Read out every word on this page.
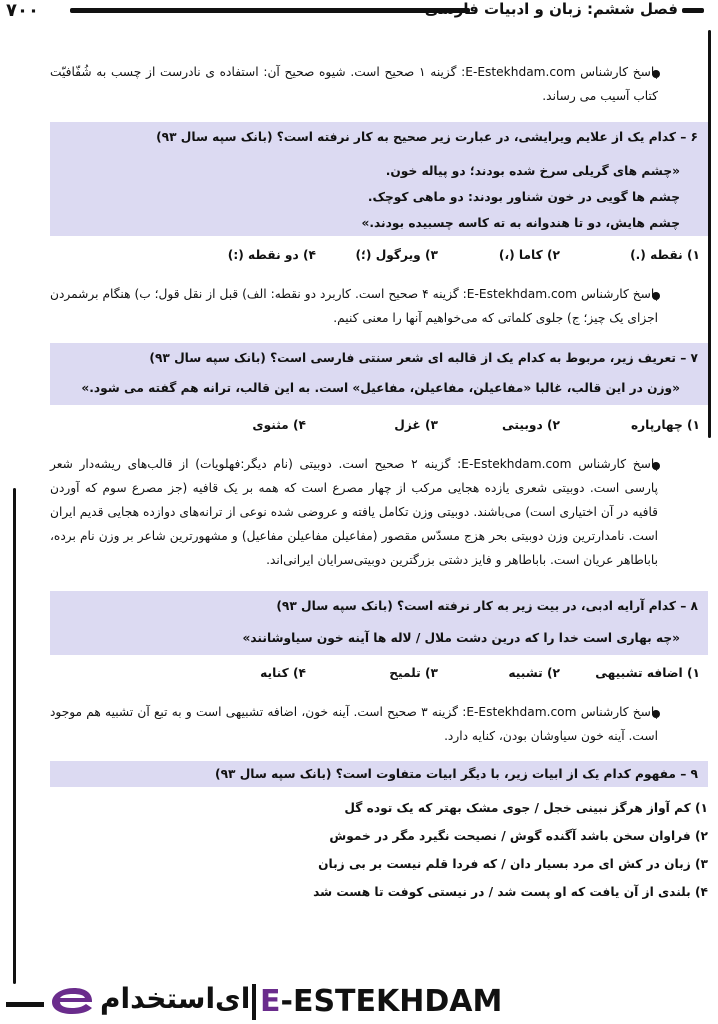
۷۰۰	فصل ششم: زبان و ادبیات فارسی
پاسخ کارشناس E-Estekhdam.com: گزینه ۱ صحیح است. شیوه صحیح آن: استفاده ی نادرست از چسب به شُفّافیّت کتاب آسیب می رساند.
۶ – کدام یک از علایم ویرایشی، در عبارت زیر صحیح به کار نرفته است؟ (بانک سپه سال ۹۳)
«چشم های گریلی سرخ شده بودند؛ دو پیاله خون.
چشم ها گویی در خون شناور بودند: دو ماهی کوچک.
چشم هایش، دو تا هندوانه به ته کاسه چسبیده بودند.»
۱) نقطه (.)
۲) کاما (،)
۳) ویرگول (؛)
۴) دو نقطه (:)
پاسخ کارشناس E-Estekhdam.com: گزینه ۴ صحیح است. کاربرد دو نقطه: الف) قبل از نقل قول؛ ب) هنگام برشمردن اجزای یک چیز؛ ج) جلوی کلماتی که می‌خواهیم آنها را معنی کنیم.
۷ – تعریف زیر، مربوط به کدام یک از قالبه ای شعر سنتی فارسی است؟ (بانک سپه سال ۹۳)
«وزن در این قالب، غالبا «مفاعیلن، مفاعیلن، مفاعیل» است. به این قالب، ترانه هم گفته می شود.»
۱) چهارپاره
۲) دوبیتی
۳) غزل
۴) مثنوی
پاسخ کارشناس E-Estekhdam.com: گزینه ۲ صحیح است. دوبیتی (نام دیگر:فهلویات) از قالب‌های ریشه‌دار شعر پارسی است. دوبیتی شعری یازده هجایی مرکب از چهار مصرع است که همه بر یک قافیه (جز مصرع سوم که آوردن قافیه در آن اختیاری است) می‌باشند. دوبیتی وزن تکامل یافته و عروضی شده نوعی از ترانه‌های دوازده هجایی قدیم ایران است. نامدارترین وزن دوبیتی بحر هزج مسدّس مقصور (مفاعیلن مفاعیلن مفاعیل) و مشهورترین شاعر بر وزن نام برده، باباطاهر عریان است. باباطاهر و فایز دشتی بزرگترین دوبیتی‌سرایان ایرانی‌اند.
۸ – کدام آرایه ادبی، در بیت زیر به کار نرفته است؟ (بانک سپه سال ۹۳)
«چه بهاری است خدا را که درین دشت ملال / لاله ها آینه خون سیاوشانند»
۱) اضافه تشبیهی
۲) تشبیه
۳) تلمیح
۴) کنایه
پاسخ کارشناس E-Estekhdam.com: گزینه ۳ صحیح است. آینه خون، اضافه تشبیهی است و به تبع آن تشبیه هم موجود است. آینه خون سیاوشان بودن، کنایه دارد.
۹ – مفهوم کدام یک از ابیات زیر، با دیگر ابیات متفاوت است؟ (بانک سپه سال ۹۳)
۱) کم آواز هرگز نبینی خجل / جوی مشک بهتر که یک توده گل
۲) فراوان سخن باشد آگنده گوش / نصیحت نگیرد مگر در خموش
۳) زبان در کش ای مرد بسیار دان / که فردا قلم نیست بر بی زبان
۴) بلندی از آن یافت که او پست شد / در نیستی کوفت تا هست شد
ای‌استخدام E-ESTEKHDAM
